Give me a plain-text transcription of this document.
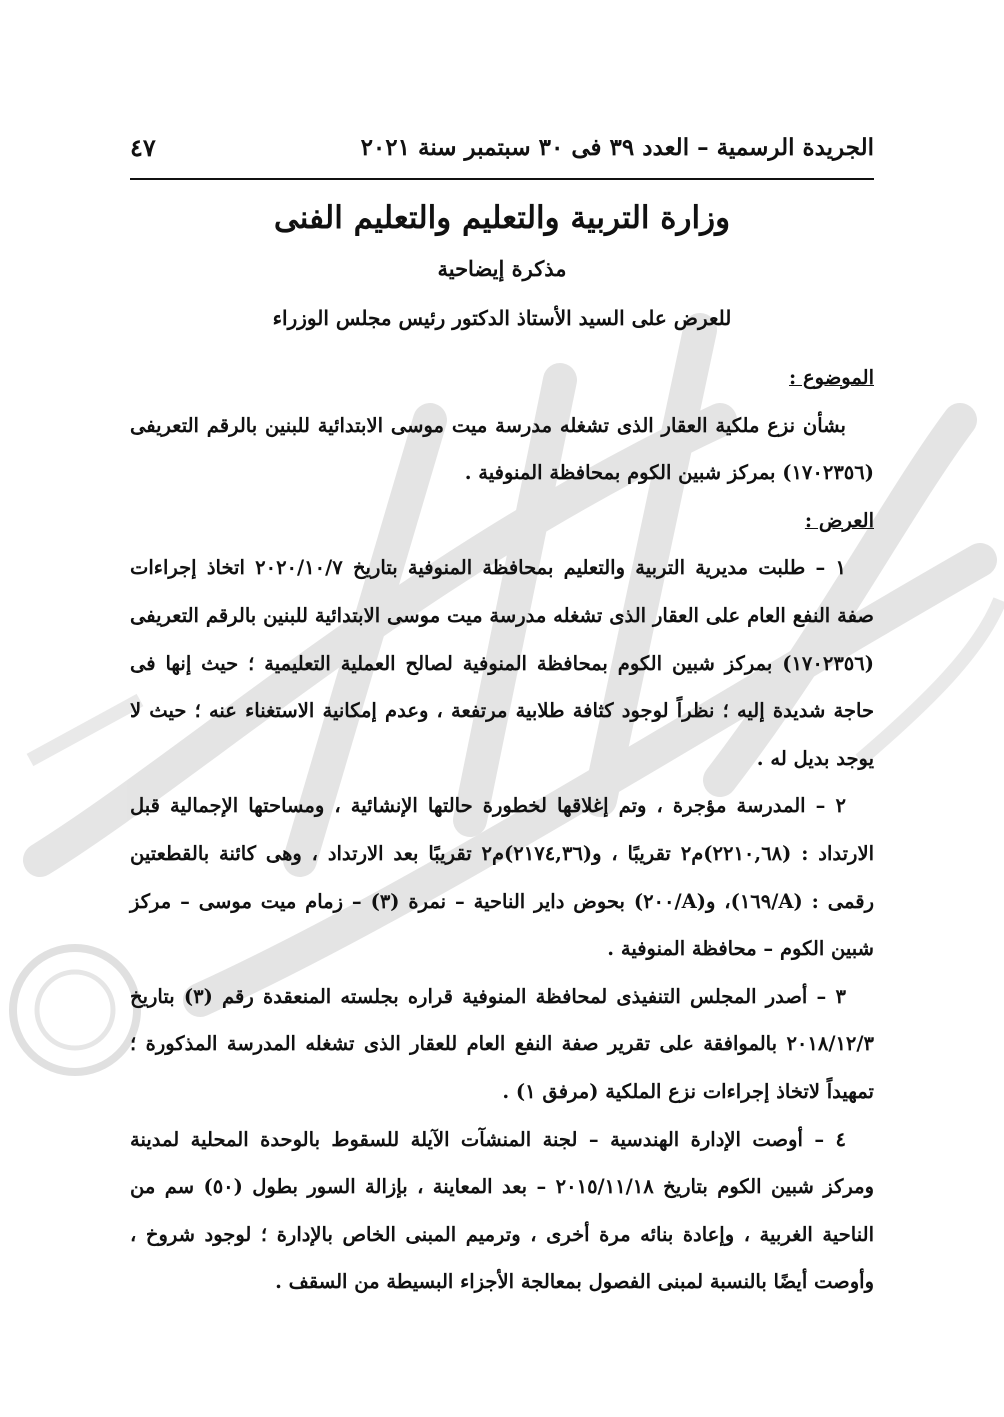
الجريدة الرسمية – العدد ٣٩ فى ٣٠ سبتمبر سنة ٢٠٢١
٤٧
وزارة التربية والتعليم والتعليم الفنى
مذكرة إيضاحية
للعرض على السيد الأستاذ الدكتور رئيس مجلس الوزراء

الموضوع :

بشأن نزع ملكية العقار الذى تشغله مدرسة ميت موسى الابتدائية للبنين بالرقم التعريفى (١٧٠٢٣٥٦) بمركز شبين الكوم بمحافظة المنوفية .

العرض :

١ – طلبت مديرية التربية والتعليم بمحافظة المنوفية بتاريخ ٢٠٢٠/١٠/٧ اتخاذ إجراءات صفة النفع العام على العقار الذى تشغله مدرسة ميت موسى الابتدائية للبنين بالرقم التعريفى (١٧٠٢٣٥٦) بمركز شبين الكوم بمحافظة المنوفية لصالح العملية التعليمية ؛ حيث إنها فى حاجة شديدة إليه ؛ نظراً لوجود كثافة طلابية مرتفعة ، وعدم إمكانية الاستغناء عنه ؛ حيث لا يوجد بديل له .

٢ – المدرسة مؤجرة ، وتم إغلاقها لخطورة حالتها الإنشائية ، ومساحتها الإجمالية قبل الارتداد : (٢٢١٠,٦٨)م٢ تقريبًا ، و(٢١٧٤,٣٦)م٢ تقريبًا بعد الارتداد ، وهى كائنة بالقطعتين رقمى : (A/١٦٩)، و(A/٢٠٠) بحوض داير الناحية – نمرة (٣) – زمام ميت موسى – مركز شبين الكوم – محافظة المنوفية .

٣ – أصدر المجلس التنفيذى لمحافظة المنوفية قراره بجلسته المنعقدة رقم (٣) بتاريخ ٢٠١٨/١٢/٣ بالموافقة على تقرير صفة النفع العام للعقار الذى تشغله المدرسة المذكورة ؛ تمهيداً لاتخاذ إجراءات نزع الملكية (مرفق ١) .

٤ – أوصت الإدارة الهندسية – لجنة المنشآت الآيلة للسقوط بالوحدة المحلية لمدينة ومركز شبين الكوم بتاريخ ٢٠١٥/١١/١٨ – بعد المعاينة ، بإزالة السور بطول (٥٠) سم من الناحية الغربية ، وإعادة بنائه مرة أخرى ، وترميم المبنى الخاص بالإدارة ؛ لوجود شروخ ، وأوصت أيضًا بالنسبة لمبنى الفصول بمعالجة الأجزاء البسيطة من السقف .
